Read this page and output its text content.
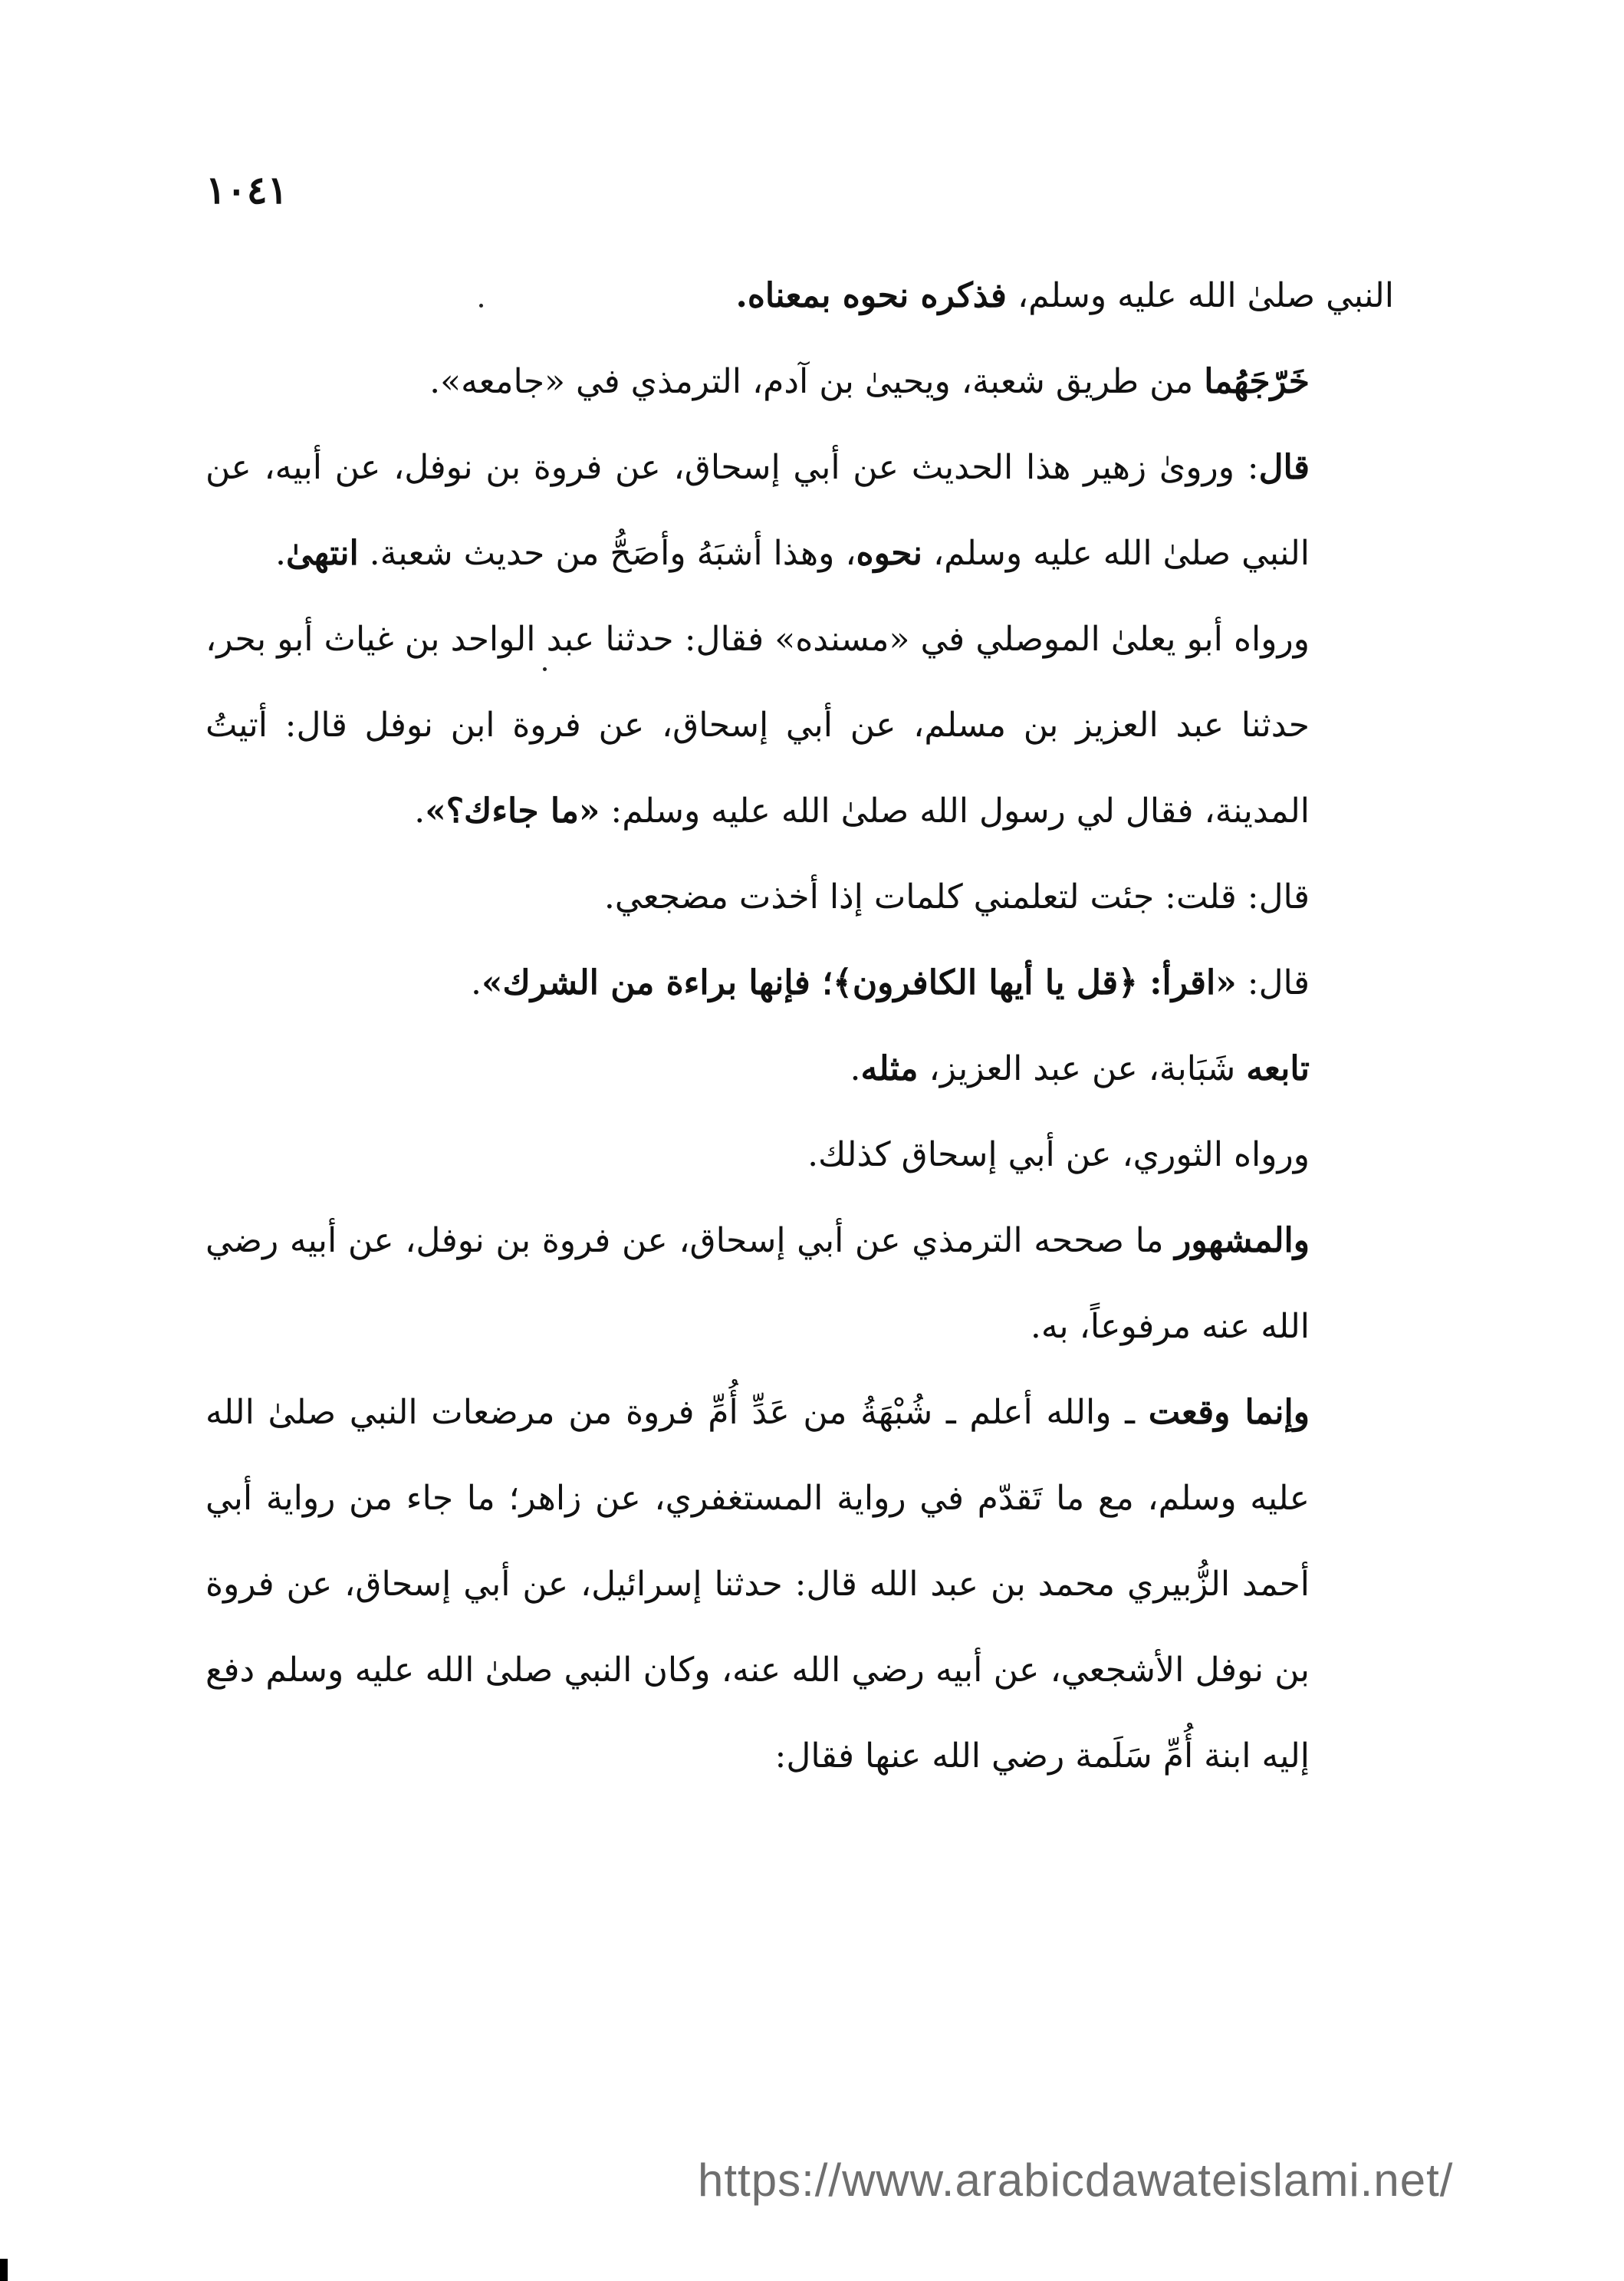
١٠٤١

النبي صلىٰ الله عليه وسلم، فذكره نحوه بمعناه.

خَرّجَهُما من طريق شعبة، ويحيىٰ بن آدم، الترمذي في «جامعه».

قال: ورویٰ زهیر هذا الحدیث عن أبي إسحاق، عن فروة بن نوفل، عن أبیه، عن النبي صلىٰ الله علیه وسلم، نحوه، وهذا أشبَهُ وأصَحُّ من حدیث شعبة. انتهیٰ.

ورواه أبو یعلىٰ الموصلي في «مسنده» فقال: حدثنا عبد الواحد بن غیاث أبو بحر، حدثنا عبد العزیز بن مسلم، عن أبي إسحاق، عن فروة ابن نوفل قال: أتیتُ المدینة، فقال لي رسول الله صلىٰ الله علیه وسلم: «ما جاءك؟».

قال: قلت: جئت لتعلمني كلمات إذا أخذت مضجعي.

قال: «اقرأ: ﴿قل يا أيها الكافرون﴾؛ فإنها براءة من الشرك».

تابعه شَبَابة، عن عبد العزیز، مثله.

ورواه الثوري، عن أبي إسحاق كذلك.

والمشهور ما صححه الترمذي عن أبي إسحاق، عن فروة بن نوفل، عن أبیه رضي الله عنه مرفوعاً، به.

وإنما وقعت ـ والله أعلم ـ شُبْهَةُ من عَدِّ أُمِّ فروة من مرضعات النبي صلىٰ الله علیه وسلم، مع ما تَقدّم في روایة المستغفري، عن زاهر؛ ما جاء من روایة أبي أحمد الزُّبیري محمد بن عبد الله قال: حدثنا إسرائیل، عن أبي إسحاق، عن فروة بن نوفل الأشجعي، عن أبیه رضي الله عنه، وكان النبي صلىٰ الله علیه وسلم دفع إلیه ابنة أُمِّ سَلَمة رضي الله عنها فقال:

https://www.arabicdawateislami.net/
